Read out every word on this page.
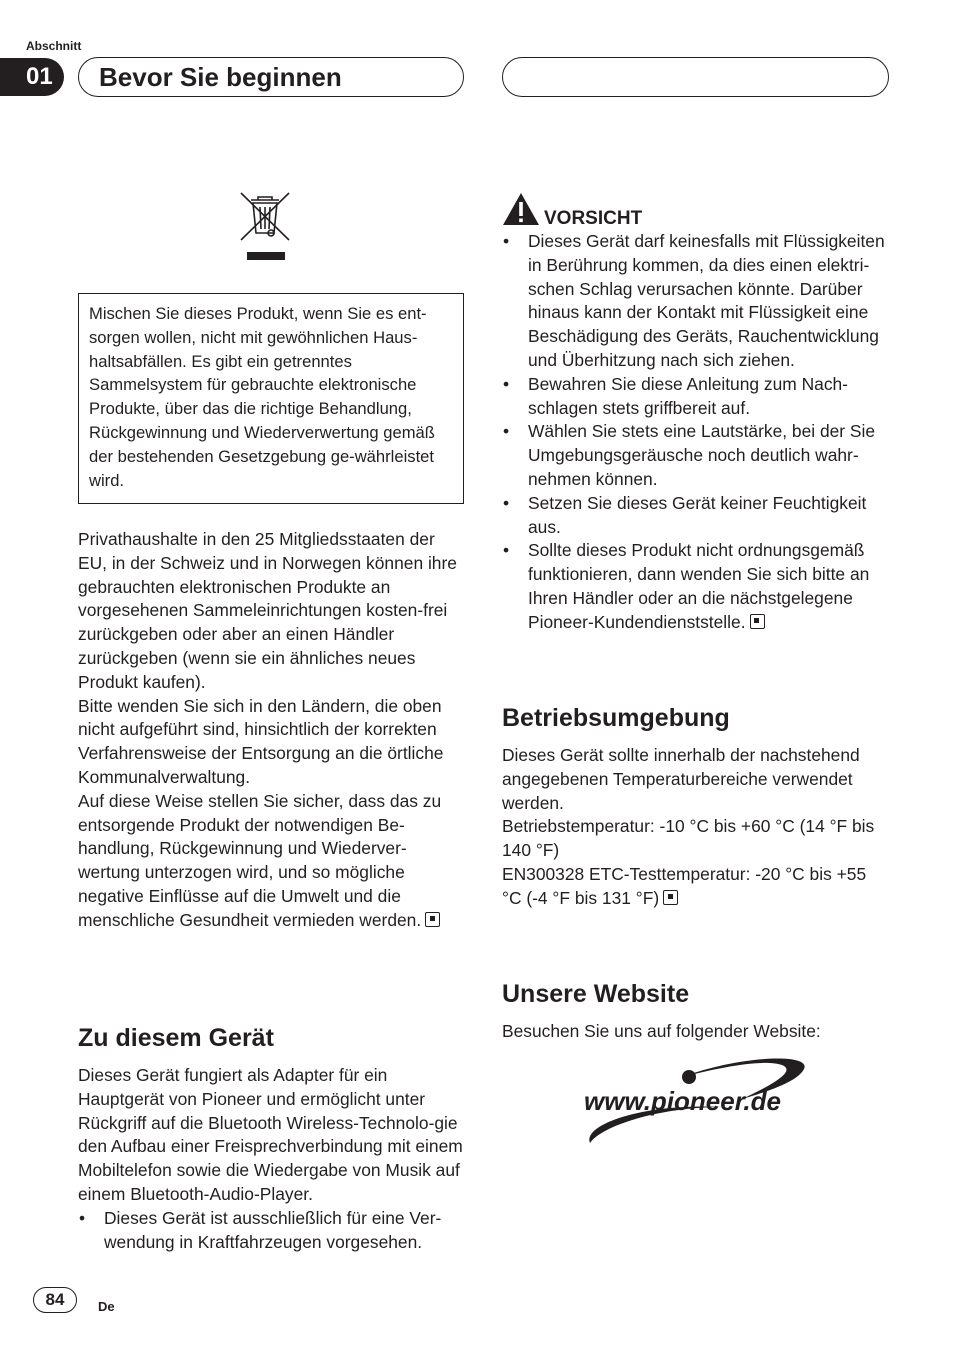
Abschnitt
01	Bevor Sie beginnen
Mischen Sie dieses Produkt, wenn Sie es ent-sorgen wollen, nicht mit gewöhnlichen Haus-haltsabfällen. Es gibt ein getrenntes Sammelsystem für gebrauchte elektronische Produkte, über das die richtige Behandlung, Rückgewinnung und Wiederverwertung gemäß der bestehenden Gesetzgebung ge-währleistet wird.

Privathaushalte in den 25 Mitgliedsstaaten der EU, in der Schweiz und in Norwegen können ihre gebrauchten elektronischen Produkte an vorgesehenen Sammeleinrichtungen kosten-frei zurückgeben oder aber an einen Händler zurückgeben (wenn sie ein ähnliches neues Produkt kaufen).

Bitte wenden Sie sich in den Ländern, die oben nicht aufgeführt sind, hinsichtlich der korrekten Verfahrensweise der Entsorgung an die örtliche Kommunalverwaltung.

Auf diese Weise stellen Sie sicher, dass das zu entsorgende Produkt der notwendigen Be-handlung, Rückgewinnung und Wiederver-wertung unterzogen wird, und so mögliche negative Einflüsse auf die Umwelt und die menschliche Gesundheit vermieden werden.

Zu diesem Gerät

Dieses Gerät fungiert als Adapter für ein Hauptgerät von Pioneer und ermöglicht unter Rückgriff auf die Bluetooth Wireless-Technolo-gie den Aufbau einer Freisprechverbindung mit einem Mobiltelefon sowie die Wiedergabe von Musik auf einem Bluetooth-Audio-Player.

• Dieses Gerät ist ausschließlich für eine Ver-wendung in Kraftfahrzeugen vorgesehen.
VORSICHT
• Dieses Gerät darf keinesfalls mit Flüssigkeiten in Berührung kommen, da dies einen elektri-schen Schlag verursachen könnte. Darüber hinaus kann der Kontakt mit Flüssigkeit eine Beschädigung des Geräts, Rauchentwicklung und Überhitzung nach sich ziehen.
• Bewahren Sie diese Anleitung zum Nach-schlagen stets griffbereit auf.
• Wählen Sie stets eine Lautstärke, bei der Sie Umgebungsgeräusche noch deutlich wahr-nehmen können.
• Setzen Sie dieses Gerät keiner Feuchtigkeit aus.
• Sollte dieses Produkt nicht ordnungsgemäß funktionieren, dann wenden Sie sich bitte an Ihren Händler oder an die nächstgelegene Pioneer-Kundendienststelle.
Betriebsumgebung

Dieses Gerät sollte innerhalb der nachstehend angegebenen Temperaturbereiche verwendet werden.

Betriebstemperatur: -10 °C bis +60 °C (14 °F bis 140 °F)

EN300328 ETC-Testtemperatur: -20 °C bis +55 °C (-4 °F bis 131 °F)

Unsere Website
Besuchen Sie uns auf folgender Website:
www.pioneer.de
84	De
